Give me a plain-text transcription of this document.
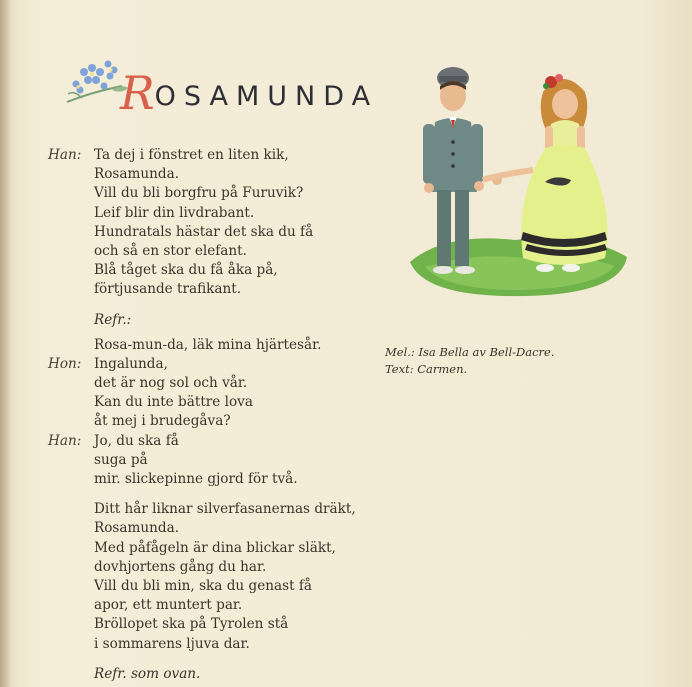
ROSAMUNDA
Han: Ta dej i fönstret en liten kik,
Rosamunda.
Vill du bli borgfru på Furuvik?
Leif blir din livdrabant.
Hundratals hästar det ska du få
och så en stor elefant.
Blå tåget ska du få åka på,
förtjusande trafikant.
Refr.:
Rosa-mun-da, läk mina hjärtesår.
Hon: Ingalunda,
det är nog sol och vår.
Kan du inte bättre lova
åt mej i brudegåva?
Han: Jo, du ska få
suga på
mir. slickepinne gjord för två.
Ditt hår liknar silverfasanernas dräkt,
Rosamunda.
Med påfågeln är dina blickar släkt,
dovhjortens gång du har.
Vill du bli min, ska du genast få
apor, ett muntert par.
Bröllopet ska på Tyrolen stå
i sommarens ljuva dar.
Refr. som ovan.
Mel.: Isa Bella av Bell-Dacre.
Text: Carmen.
